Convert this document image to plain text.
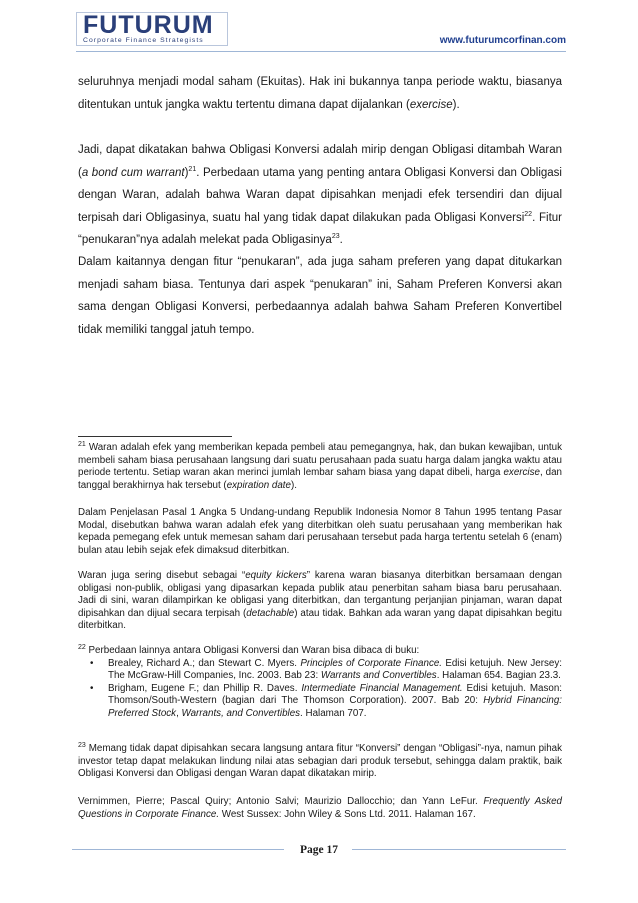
FUTURUM
Corporate Finance Strategists	www.futurumcorfinan.com

seluruhnya menjadi modal saham (Ekuitas). Hak ini bukannya tanpa periode waktu, biasanya ditentukan untuk jangka waktu tertentu dimana dapat dijalankan (exercise).

Jadi, dapat dikatakan bahwa Obligasi Konversi adalah mirip dengan Obligasi ditambah Waran (a bond cum warrant)$^{21}$. Perbedaan utama yang penting antara Obligasi Konversi dan Obligasi dengan Waran, adalah bahwa Waran dapat dipisahkan menjadi efek tersendiri dan dijual terpisah dari Obligasinya, suatu hal yang tidak dapat dilakukan pada Obligasi Konversi$^{22}$. Fitur “penukaran”nya adalah melekat pada Obligasinya$^{23}$.

Dalam kaitannya dengan fitur “penukaran”, ada juga saham preferen yang dapat ditukarkan menjadi saham biasa. Tentunya dari aspek “penukaran” ini, Saham Preferen Konversi akan sama dengan Obligasi Konversi, perbedaannya adalah bahwa Saham Preferen Konvertibel tidak memiliki tanggal jatuh tempo.

$^{21}$ Waran adalah efek yang memberikan kepada pembeli atau pemegangnya, hak, dan bukan kewajiban, untuk membeli saham biasa perusahaan langsung dari suatu perusahaan pada suatu harga dalam jangka waktu atau periode tertentu. Setiap waran akan merinci jumlah lembar saham biasa yang dapat dibeli, harga exercise, dan tanggal berakhirnya hak tersebut (expiration date).

Dalam Penjelasan Pasal 1 Angka 5 Undang-undang Republik Indonesia Nomor 8 Tahun 1995 tentang Pasar Modal, disebutkan bahwa waran adalah efek yang diterbitkan oleh suatu perusahaan yang memberikan hak kepada pemegang efek untuk memesan saham dari perusahaan tersebut pada harga tertentu setelah 6 (enam) bulan atau lebih sejak efek dimaksud diterbitkan.

Waran juga sering disebut sebagai “equity kickers” karena waran biasanya diterbitkan bersamaan dengan obligasi non-publik, obligasi yang dipasarkan kepada publik atau penerbitan saham biasa baru perusahaan. Jadi di sini, waran dilampirkan ke obligasi yang diterbitkan, dan tergantung perjanjian pinjaman, waran dapat dipisahkan dan dijual secara terpisah (detachable) atau tidak. Bahkan ada waran yang dapat dipisahkan begitu diterbitkan.

$^{22}$ Perbedaan lainnya antara Obligasi Konversi dan Waran bisa dibaca di buku:

• Brealey, Richard A.; dan Stewart C. Myers. Principles of Corporate Finance. Edisi ketujuh. New Jersey: The McGraw-Hill Companies, Inc. 2003. Bab 23: Warrants and Convertibles. Halaman 654. Bagian 23.3.
• Brigham, Eugene F.; dan Phillip R. Daves. Intermediate Financial Management. Edisi ketujuh. Mason: Thomson/South-Western (bagian dari The Thomson Corporation). 2007. Bab 20: Hybrid Financing: Preferred Stock, Warrants, and Convertibles. Halaman 707.

$^{23}$ Memang tidak dapat dipisahkan secara langsung antara fitur “Konversi” dengan “Obligasi”-nya, namun pihak investor tetap dapat melakukan lindung nilai atas sebagian dari produk tersebut, sehingga dalam praktik, baik Obligasi Konversi dan Obligasi dengan Waran dapat dikatakan mirip.

Vernimmen, Pierre; Pascal Quiry; Antonio Salvi; Maurizio Dallocchio; dan Yann LeFur. Frequently Asked Questions in Corporate Finance. West Sussex: John Wiley & Sons Ltd. 2011. Halaman 167.

Page 17
